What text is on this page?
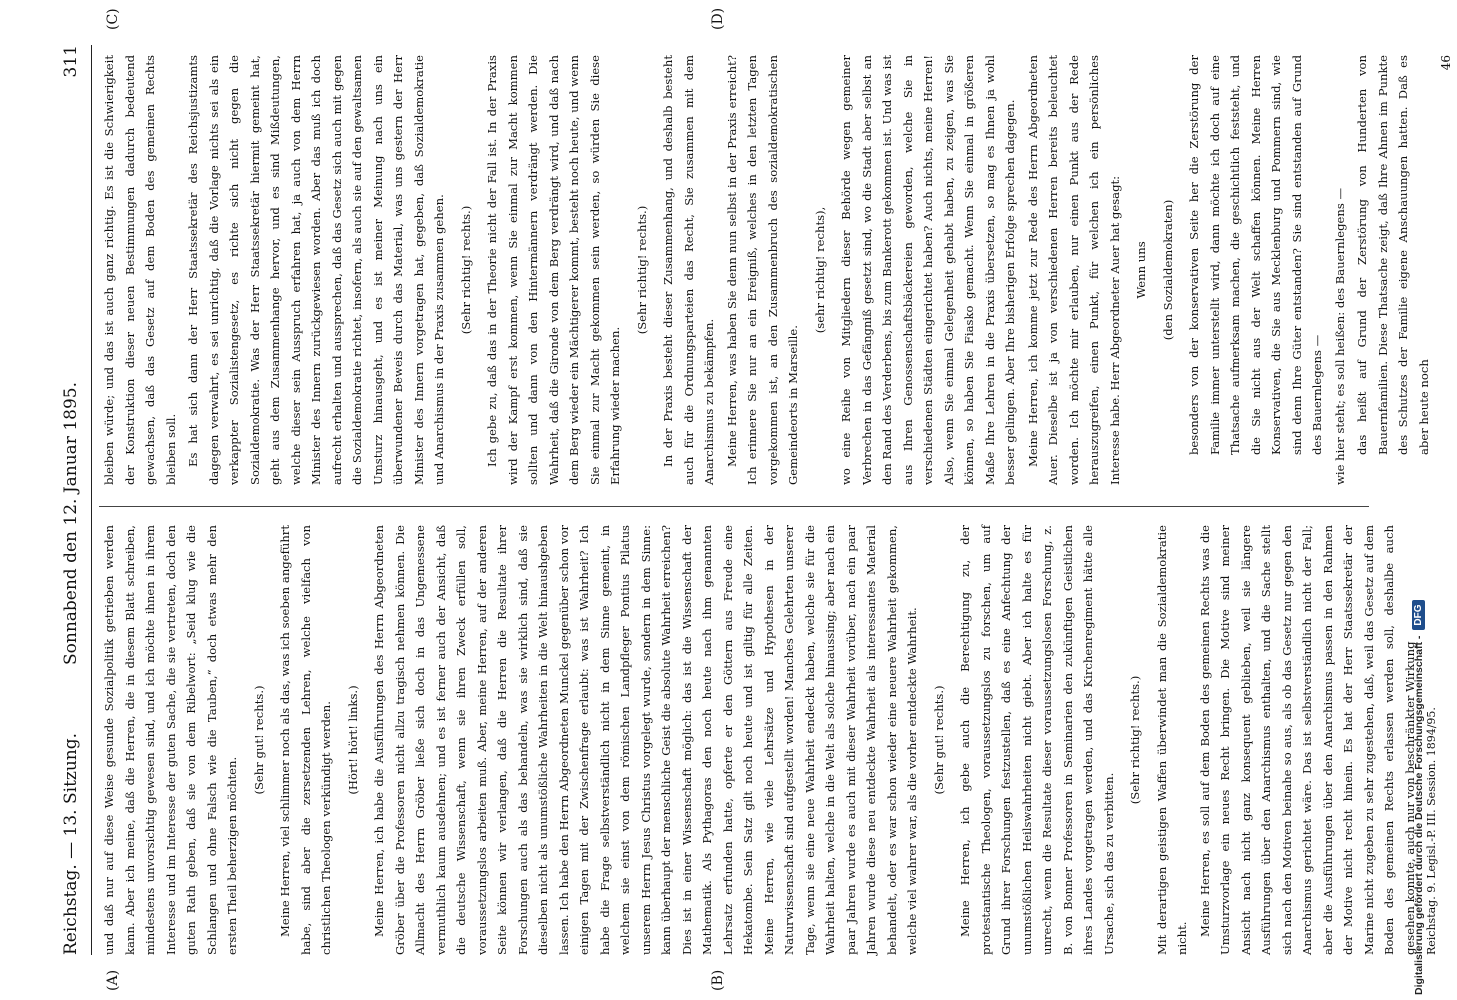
Reichstag. — 13. Sitzung.
Sonnabend den 12. Januar 1895.
311
(A)	(B)
(C)	(D)

und daß nur auf diese Weise gesunde Sozialpolitik getrieben werden kann. Aber ich meine, daß die Herren, die in diesem Blatt schreiben, mindestens unvorsichtig gewesen sind, und ich möchte ihnen in ihrem Interesse und im Interesse der guten Sache, die sie vertreten, doch den guten Rath geben, daß sie von dem Ribelwort: „Seid klug wie die Schlangen und ohne Falsch wie die Tauben,“ doch etwas mehr den ersten Theil beherzigen möchten.

(Sehr gut! rechts.)	Meine Herren, viel schlimmer noch als das, was ich soeben angeführt habe, sind aber die zersetzenden Lehren, welche vielfach von christlichen Theologen verkündigt werden.	(Hört! hört! links.)	Meine Herren, ich habe die Ausführungen des Herrn Abgeordneten Gröber über die Professoren nicht allzu tragisch nehmen können. Die Allmacht des Herrn Gröber ließe sich doch in das Ungemessene vermuthlich kaum ausdehnen; und es ist ferner auch der Ansicht, daß die deutsche Wissenschaft, wenn sie ihren Zweck erfüllen soll, voraussetzungslos arbeiten muß. Aber, meine Herren, auf der anderen Seite können wir verlangen, daß die Herren die Resultate ihrer Forschungen auch als das behandeln, was sie wirklich sind, daß sie dieselben nicht als unumstößliche Wahrheiten in die Welt hinaushgeben lassen. Ich habe den Herrn Abgeordneten Munckel gegenüber schon vor einigen Tagen mit der Zwischenfrage erlaubt: was ist Wahrheit? Ich habe die Frage selbstverständlich nicht in dem Sinne gemeint, in welchem sie einst von dem römischen Landpfleger Pontius Pilatus unserem Herrn Jesus Christus vorgelegt wurde, sondern in dem Sinne: kann überhaupt der menschliche Geist die absolute Wahrheit erreichen? Dies ist in einer Wissenschaft möglich: das ist die Wissenschaft der Mathematik. Als Pythagoras den noch heute nach ihm genannten Lehrsatz erfunden hatte, opferte er den Göttern aus Freude eine Hekatombe. Sein Satz gilt noch heute und ist giltig für alle Zeiten. Meine Herren, wie viele Lehrsätze und Hypothesen in der Naturwissenschaft sind aufgestellt worden! Manches Gelehrten unserer Tage, wenn sie eine neue Wahrheit endeckt haben, welche sie für die Wahrheit halten, welche in die Welt als solche hinaussing; aber nach ein paar Jahren wurde es auch mit dieser Wahrheit vorüber, nach ein paar Jahren wurde diese neu entdeckte Wahrheit als interessantes Material behandelt, oder es war schon wieder eine neuere Wahrheit gekommen, welche viel wahrer war, als die vorher entdeckte Wahrheit.	(Sehr gut! rechts.)	Meine Herren, ich gebe auch die Berechtigung zu, der protestantische Theologen, voraussetzungslos zu forschen, um auf Grund ihrer Forschungen festzustellen, daß es eine Anfechtung der unumstößlichen Heilswahrheiten nicht giebt. Aber ich halte es für unrecht, wenn die Resultate dieser voraussetzungslosen Forschung, z. B. von Bonner Professoren in Seminarien den zukünftigen Geistlichen ihres Landes vorgetragen werden, und das Kirchenregiment hätte alle Ursache, sich das zu verbitten.

(Sehr richtig! rechts.)	Mit derartigen geistigen Waffen überwindet man die Sozialdemokratie nicht.

Meine Herren, es soll auf dem Boden des gemeinen Rechts was die Umsturzvorlage ein neues Recht bringen. Die Motive sind meiner Ansicht nach nicht ganz konsequent geblieben, weil sie längere Ausführungen über den Anarchismus enthalten, und die Sache stellt sich nach den Motiven beinahe so aus, als ob das Gesetz nur gegen den Anarchismus gerichtet wäre. Das ist selbstverständlich nicht der Fall; aber die Ausführungen über den Anarchismus passen in den Rahmen der Motive nicht recht hinein. Es hat der Herr Staatssekretär der Marine nicht zugeben zu sehr zugestehen, daß, weil das Gesetz auf dem Boden des gemeinen Rechts erlassen werden soll, deshalbe auch gesehen konnte, auch nur von beschränkter Wirkung Reichstag. 9. Legisl.-P. III. Session. 1894/95.

bleiben würde; und das ist auch ganz richtig. Es ist die Schwierigkeit der Konstruktion dieser neuen Bestimmungen dadurch bedeutend gewachsen, daß das Gesetz auf dem Boden des gemeinen Rechts bleiben soll. Es hat sich dann der Herr Staatssekretär des Reichsjustizamts dagegen verwahrt, es sei unrichtig, daß die Vorlage nichts sei als ein verkappter Sozialistengesetz, es richte sich nicht gegen die Sozialdemokratie. Was der Herr Staatssekretär hiermit gemeint hat, geht aus dem Zusammenhange hervor, und es sind Mißdeutungen, welche dieser sein Ausspruch erfahren hat, ja auch von dem Herrn Minister des Innern zurückgewiesen worden. Aber das muß ich doch aufrecht erhalten und aussprechen, daß das Gesetz sich auch mit gegen die Sozialdemokratie richtet, insofern, als auch sie auf den gewaltsamen Umsturz hinausgeht, und es ist meiner Meinung nach uns ein überwundener Beweis durch das Material, was uns gestern der Herr Minister des Innern vorgetragen hat, gegeben, daß Sozialdemokratie und Anarchismus in der Praxis zusammen gehen.	(Sehr richtig! rechts.)	Ich gebe zu, daß das in der Theorie nicht der Fall ist. In der Praxis wird der Kampf erst kommen, wenn Sie einmal zur Macht kommen sollten und dann von den Hintermännern verdrängt werden. Die Wahrheit, daß die Gironde von dem Berg verdrängt wird, und daß nach dem Berg wieder ein Mächtigerer kommt, besteht noch heute, und wenn Sie einmal zur Macht gekommen sein werden, so würden Sie diese Erfahrung wieder machen.

(Sehr richtig! rechts.)	In der Praxis besteht dieser Zusammenhang, und deshalb besteht auch für die Ordnungsparteien das Recht, Sie zusammen mit dem Anarchismus zu bekämpfen. Meine Herren, was haben Sie denn nun selbst in der Praxis erreicht? Ich erinnere Sie nur an ein Ereigniß, welches in den letzten Tagen vorgekommen ist, an den Zusammenbruch des sozialdemokratischen Gemeindeorts in Marseille.

(sehr richtig! rechts),	wo eine Reihe von Mitgliedern dieser Behörde wegen gemeiner Verbrechen in das Gefängniß gesetzt sind, wo die Stadt aber selbst an den Rand des Verderbens, bis zum Bankerott gekommen ist. Und was ist aus Ihren Genossenschaftsbäckereien geworden, welche Sie in verschiedenen Städten eingerichtet haben? Auch nichts, meine Herren! Also, wenn Sie einmal Gelegenheit gehabt haben, zu zeigen, was Sie können, so haben Sie Fiasko gemacht. Wenn Sie einmal in größeren Maße Ihre Lehren in die Praxis übersetzen, so mag es Ihnen ja wohl besser gelingen. Aber Ihre bisherigen Erfolge sprechen dagegen. Meine Herren, ich komme jetzt zur Rede des Herrn Abgeordneten Auer. Dieselbe ist ja von verschiedenen Herren bereits beleuchtet worden. Ich möchte mir erlauben, nur einen Punkt aus der Rede herauszugreifen, einen Punkt, für welchen ich ein persönliches Interesse habe. Herr Abgeordneter Auer hat gesagt:	Wenn uns	(den Sozialdemokraten)	besonders von der konservativen Seite her die Zerstörung der Familie immer unterstellt wird, dann möchte ich doch auf eine Thatsache aufmerksam machen, die geschichtlich feststeht, und die Sie nicht aus der Welt schaffen können. Meine Herren Konservativen, die Sie aus Mecklenburg und Pommern sind, wie sind denn Ihre Güter entstanden? Sie sind entstanden auf Grund des Bauernlegens — wie hier steht; es soll heißen: des Bauernlegens — das heißt auf Grund der Zerstörung von Hunderten von Bauernfamilien. Diese Thatsache zeigt, daß Ihre Ahnen im Punkte des Schutzes der Familie eigene Anschauungen hatten. Daß es aber heute noch

46

Digitalisierung gefördert durch die Deutsche Forschungsgemeinschaft -
DFG
